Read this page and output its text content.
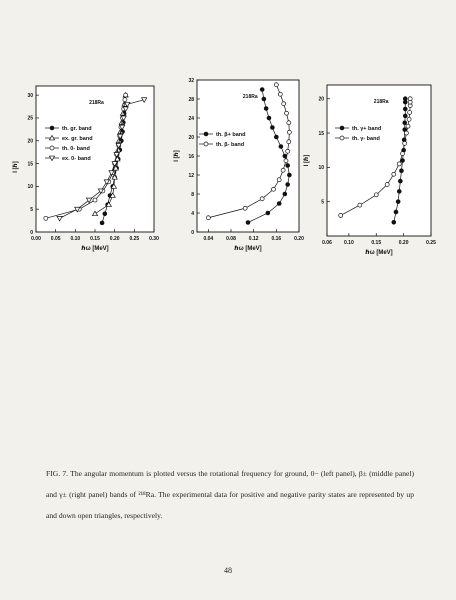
0.00 0.05 0.10 0.15 0.20 0.25 0.30
0
5
10
15
20
25
30
ℏω [MeV]
I [ℏ]
218Ra
th. gr. band
ex. gr. band
th. 0- band
ex. 0- band
0.04	0.08	0.12	0.16	0.20
0
4
8
12
16
20
24
28
32
ℏω [MeV]
I [ℏ]
218Ra
th. β+ band
th. β- band
0.06 0.10	0.15	0.20	0.25
5
10
15
20
ℏω [MeV]
I [ℏ]
218Ra
th. γ+ band
th. γ- band
FIG. 7. The angular momentum is plotted versus the rotational frequency for ground, 0− (left panel), β± (middle panel) and γ± (right panel) bands of ²¹⁸Ra. The experimental data for positive and negative parity states are represented by up and down open triangles, respectively.
48
